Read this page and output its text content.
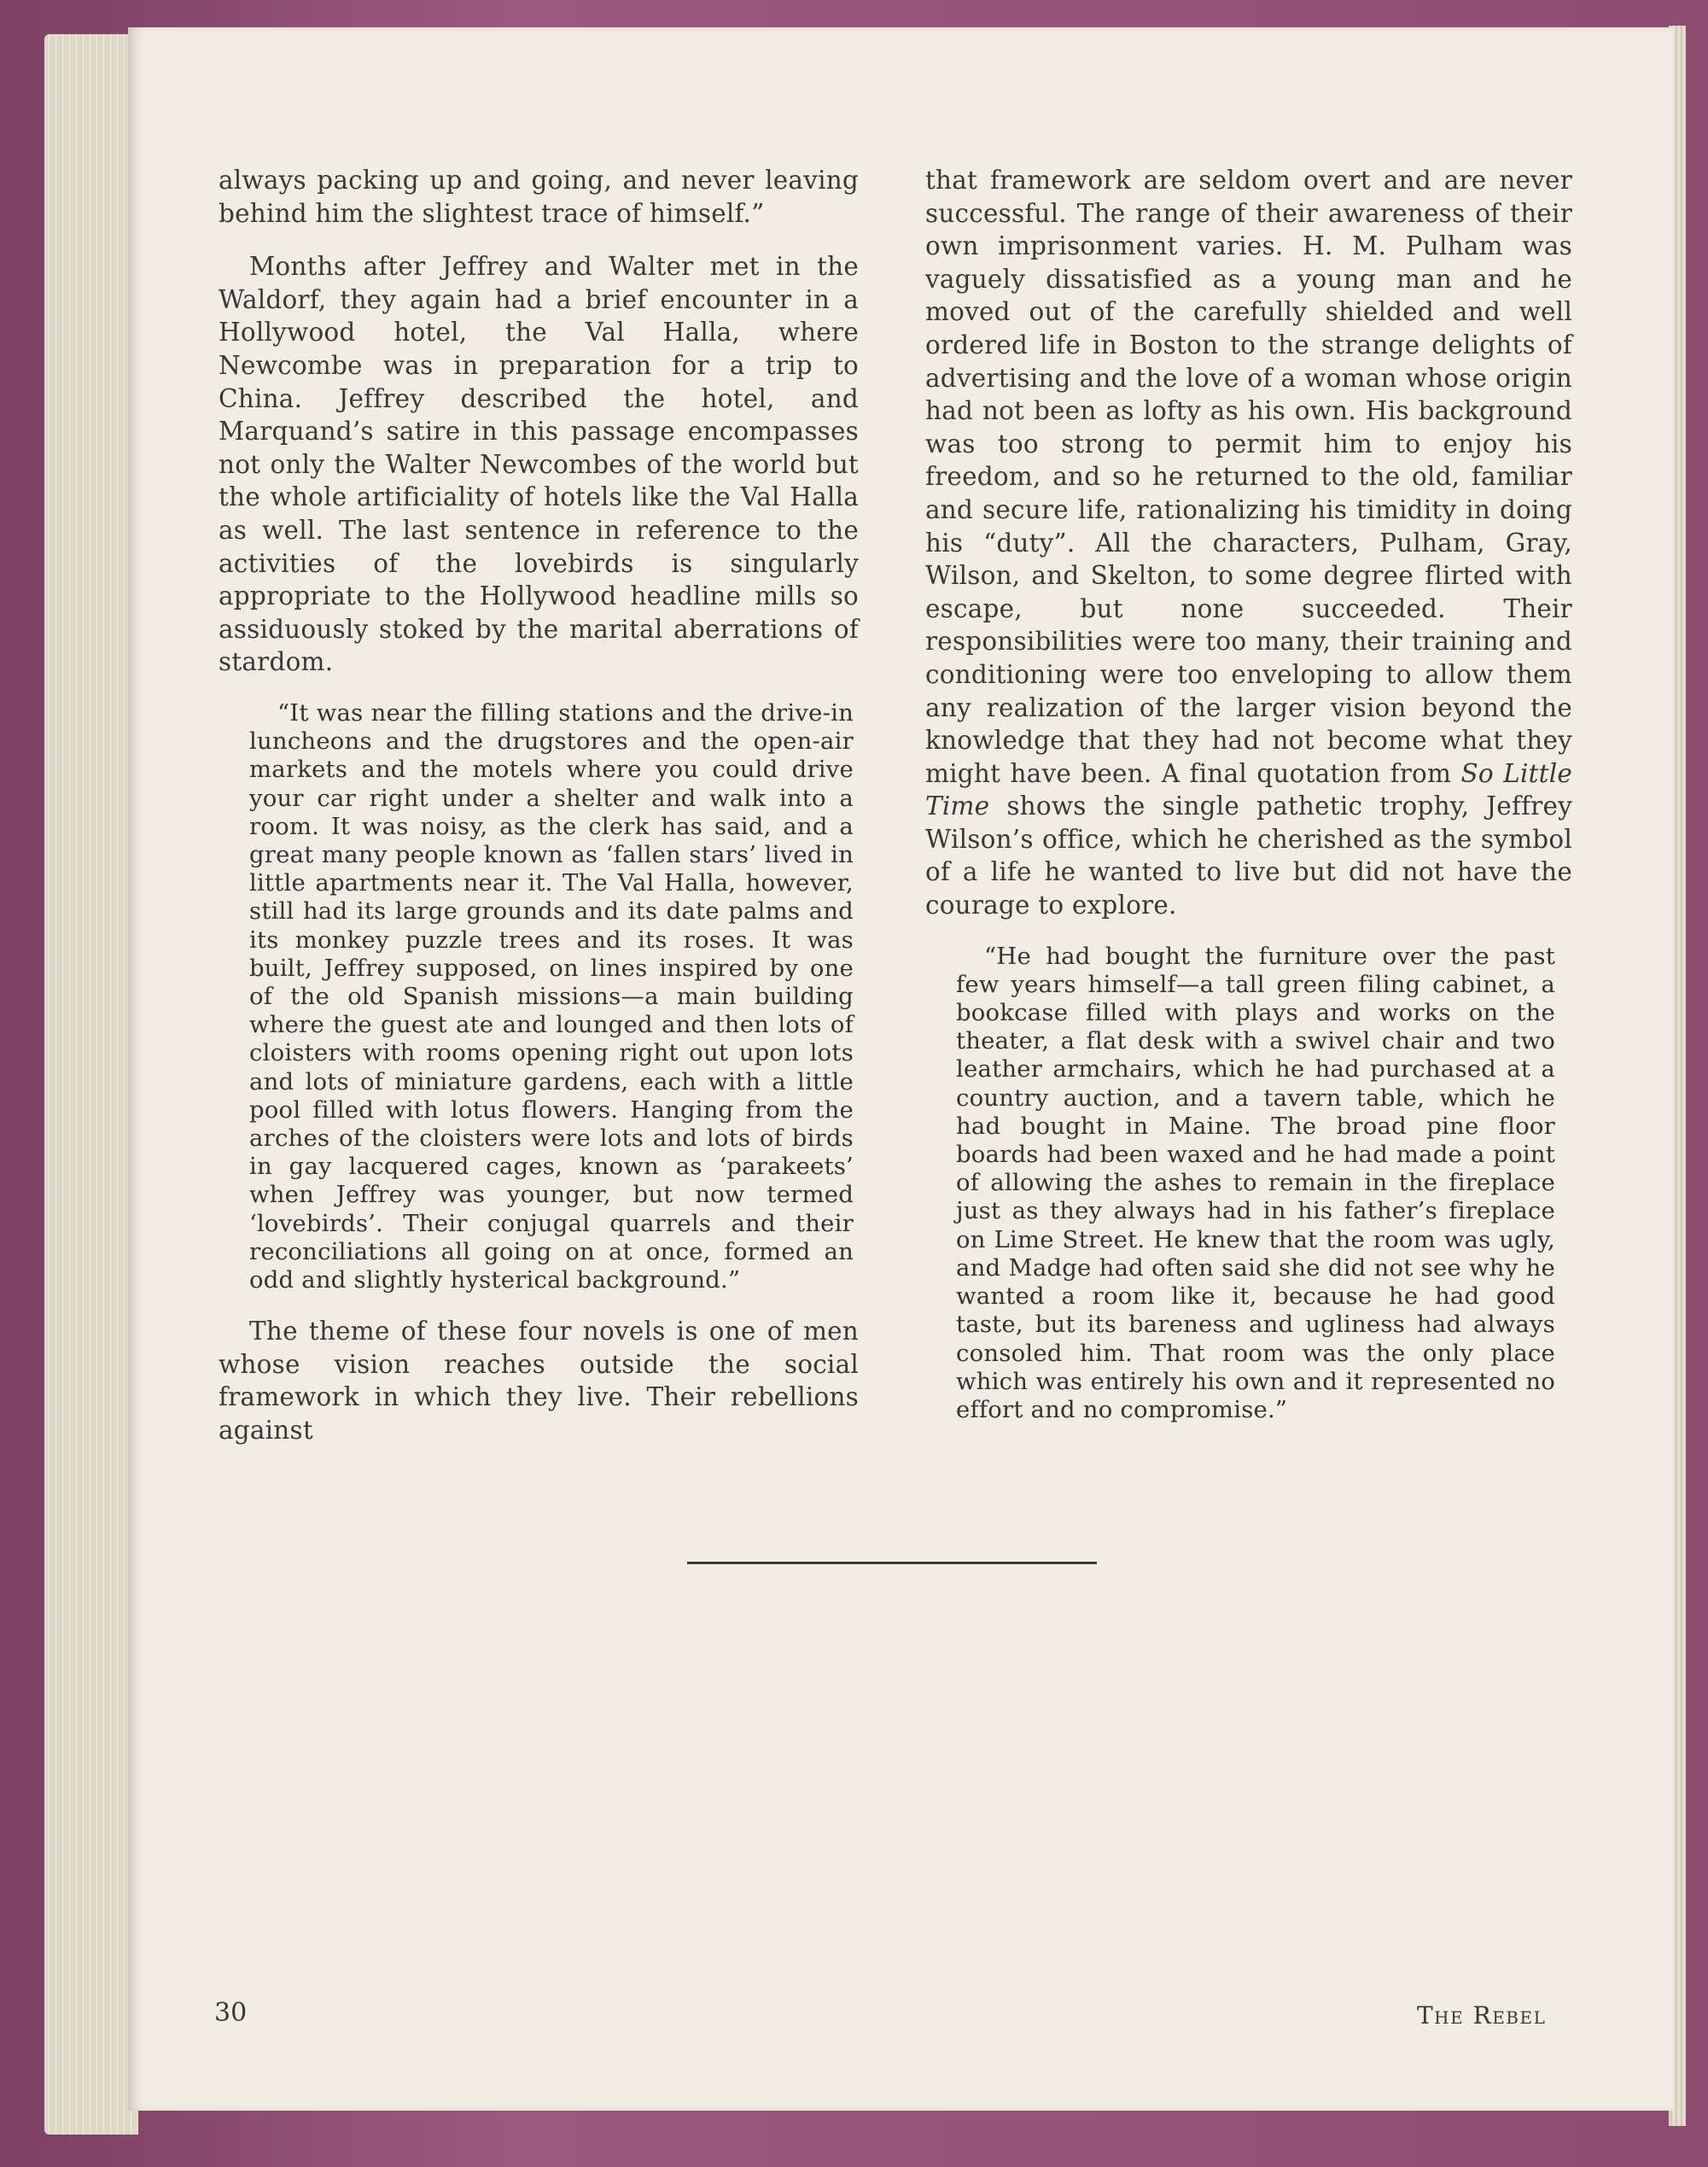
always packing up and going, and never leaving behind him the slightest trace of himself.”

Months after Jeffrey and Walter met in the Waldorf, they again had a brief encounter in a Hollywood hotel, the Val Halla, where Newcombe was in preparation for a trip to China. Jeffrey described the hotel, and Marquand’s satire in this passage encompasses not only the Walter Newcombes of the world but the whole artificiality of hotels like the Val Halla as well. The last sentence in reference to the activities of the lovebirds is singularly appropriate to the Hollywood headline mills so assiduously stoked by the marital aberrations of stardom.

“It was near the filling stations and the drive-in luncheons and the drugstores and the open-air markets and the motels where you could drive your car right under a shelter and walk into a room. It was noisy, as the clerk has said, and a great many people known as ‘fallen stars’ lived in little apartments near it. The Val Halla, however, still had its large grounds and its date palms and its monkey puzzle trees and its roses. It was built, Jeffrey supposed, on lines inspired by one of the old Spanish missions—a main building where the guest ate and lounged and then lots of cloisters with rooms opening right out upon lots and lots of miniature gardens, each with a little pool filled with lotus flowers. Hanging from the arches of the cloisters were lots and lots of birds in gay lacquered cages, known as ‘parakeets’ when Jeffrey was younger, but now termed ‘lovebirds’. Their conjugal quarrels and their reconciliations all going on at once, formed an odd and slightly hysterical background.”

The theme of these four novels is one of men whose vision reaches outside the social framework in which they live. Their rebellions against

that framework are seldom overt and are never successful. The range of their awareness of their own imprisonment varies. H. M. Pulham was vaguely dissatisfied as a young man and he moved out of the carefully shielded and well ordered life in Boston to the strange delights of advertising and the love of a woman whose origin had not been as lofty as his own. His background was too strong to permit him to enjoy his freedom, and so he returned to the old, familiar and secure life, rationalizing his timidity in doing his “duty”. All the characters, Pulham, Gray, Wilson, and Skelton, to some degree flirted with escape, but none succeeded. Their responsibilities were too many, their training and conditioning were too enveloping to allow them any realization of the larger vision beyond the knowledge that they had not become what they might have been. A final quotation from So Little Time shows the single pathetic trophy, Jeffrey Wilson’s office, which he cherished as the symbol of a life he wanted to live but did not have the courage to explore.

“He had bought the furniture over the past few years himself—a tall green filing cabinet, a bookcase filled with plays and works on the theater, a flat desk with a swivel chair and two leather armchairs, which he had purchased at a country auction, and a tavern table, which he had bought in Maine. The broad pine floor boards had been waxed and he had made a point of allowing the ashes to remain in the fireplace just as they always had in his father’s fireplace on Lime Street. He knew that the room was ugly, and Madge had often said she did not see why he wanted a room like it, because he had good taste, but its bareness and ugliness had always consoled him. That room was the only place which was entirely his own and it represented no effort and no compromise.”
30	The Rebel
